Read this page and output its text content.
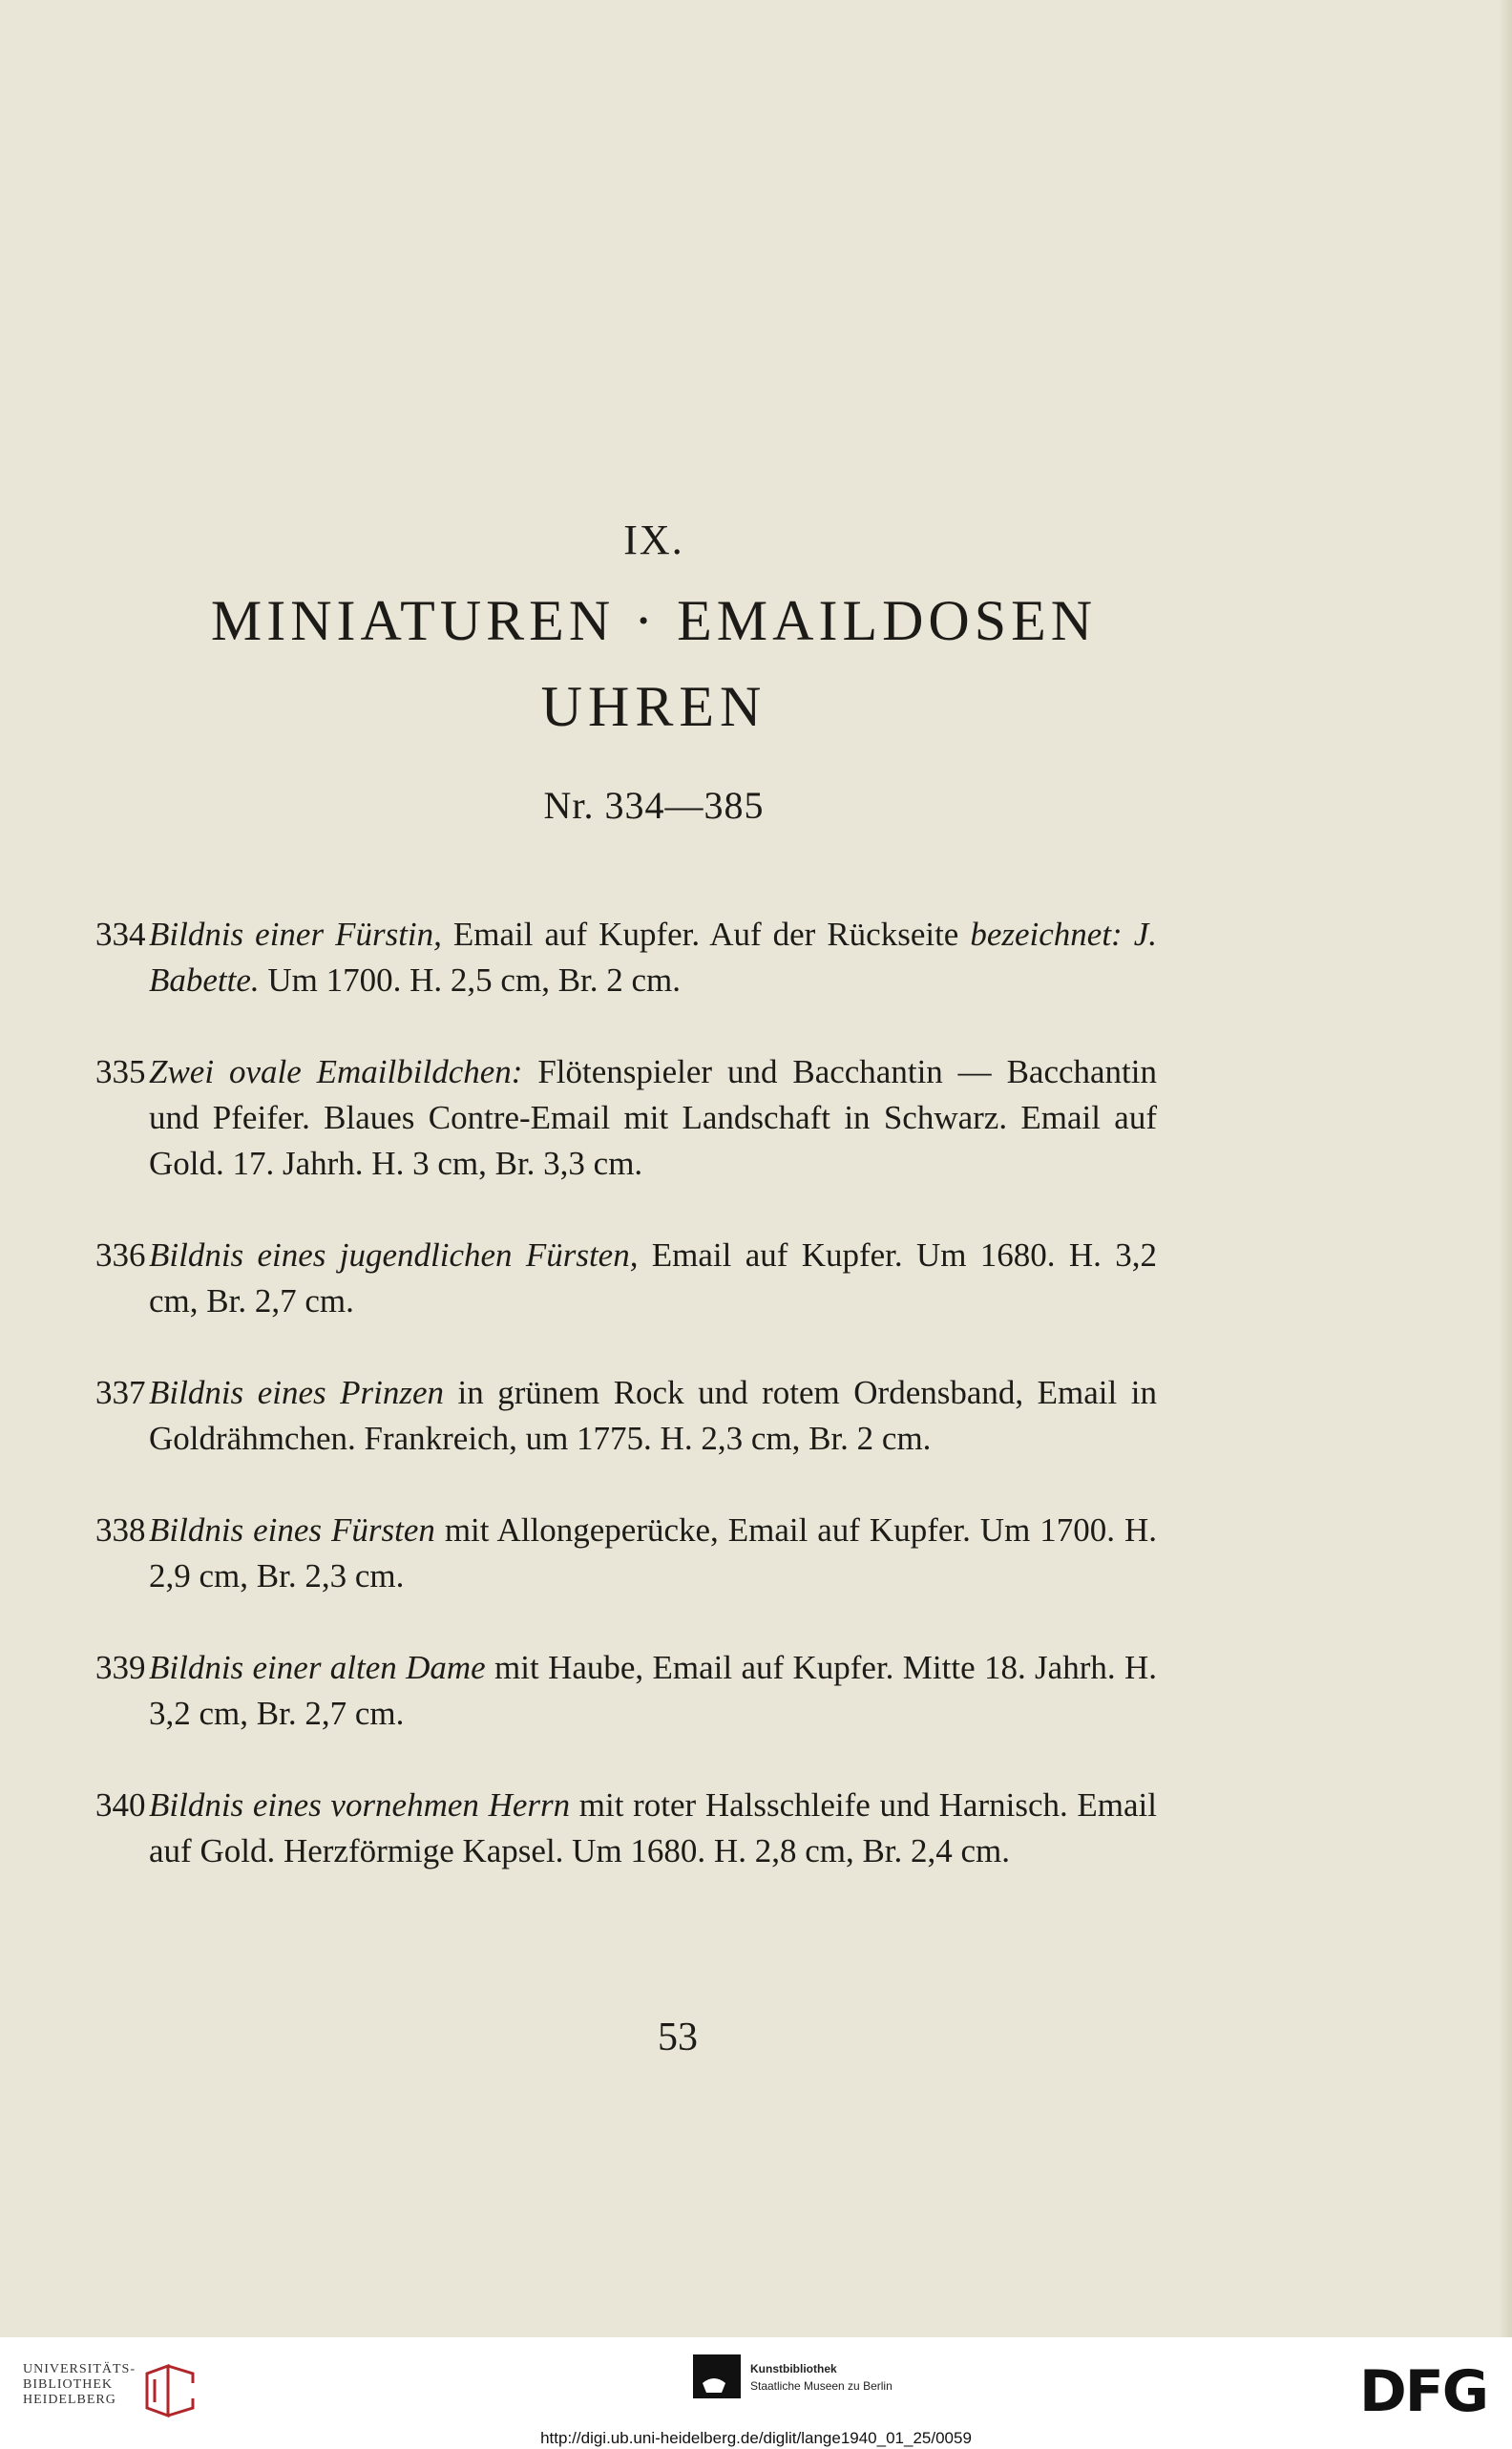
IX.
MINIATUREN · EMAILDOSEN
UHREN
Nr. 334—385
334 Bildnis einer Fürstin, Email auf Kupfer. Auf der Rückseite bezeichnet: J. Babette. Um 1700. H. 2,5 cm, Br. 2 cm.
335 Zwei ovale Emailbildchen: Flötenspieler und Bacchantin — Bacchantin und Pfeifer. Blaues Contre-Email mit Landschaft in Schwarz. Email auf Gold. 17. Jahrh. H. 3 cm, Br. 3,3 cm.
336 Bildnis eines jugendlichen Fürsten, Email auf Kupfer. Um 1680. H. 3,2 cm, Br. 2,7 cm.
337 Bildnis eines Prinzen in grünem Rock und rotem Ordensband, Email in Goldrähmchen. Frankreich, um 1775. H. 2,3 cm, Br. 2 cm.
338 Bildnis eines Fürsten mit Allongeperücke, Email auf Kupfer. Um 1700. H. 2,9 cm, Br. 2,3 cm.
339 Bildnis einer alten Dame mit Haube, Email auf Kupfer. Mitte 18. Jahrh. H. 3,2 cm, Br. 2,7 cm.
340 Bildnis eines vornehmen Herrn mit roter Halsschleife und Harnisch. Email auf Gold. Herzförmige Kapsel. Um 1680. H. 2,8 cm, Br. 2,4 cm.
53
UNIVERSITÄTS-
BIBLIOTHEK
HEIDELBERG
Kunstbibliothek
Staatliche Museen zu Berlin	DFG
http://digi.ub.uni-heidelberg.de/diglit/lange1940_01_25/0059
